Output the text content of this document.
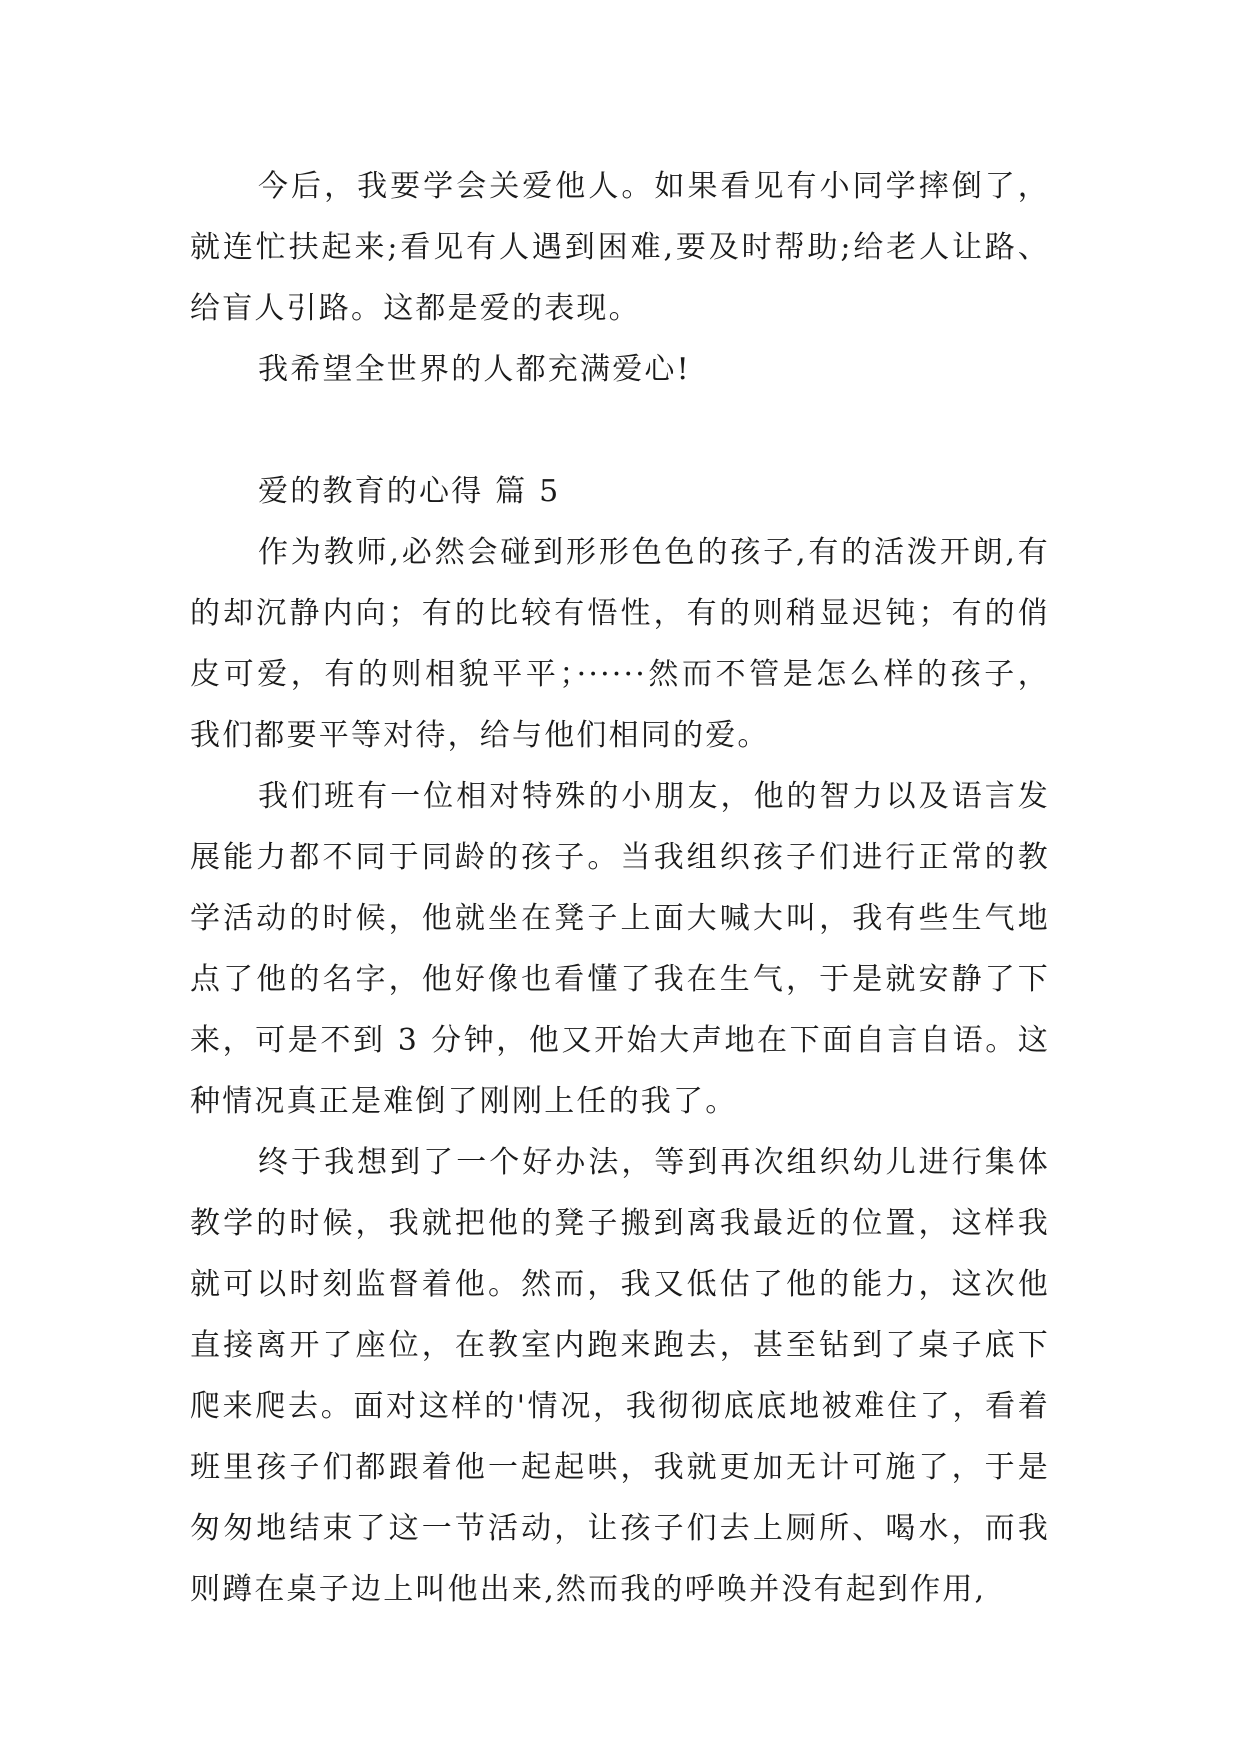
今后，我要学会关爱他人。如果看见有小同学摔倒了，就连忙扶起来;看见有人遇到困难,要及时帮助;给老人让路、给盲人引路。这都是爱的表现。

我希望全世界的人都充满爱心!

爱的教育的心得 篇 5

作为教师,必然会碰到形形色色的孩子,有的活泼开朗,有的却沉静内向；有的比较有悟性，有的则稍显迟钝；有的俏皮可爱，有的则相貌平平；······然而不管是怎么样的孩子，我们都要平等对待，给与他们相同的爱。

我们班有一位相对特殊的小朋友，他的智力以及语言发展能力都不同于同龄的孩子。当我组织孩子们进行正常的教学活动的时候，他就坐在凳子上面大喊大叫，我有些生气地点了他的名字，他好像也看懂了我在生气，于是就安静了下来，可是不到 3 分钟，他又开始大声地在下面自言自语。这种情况真正是难倒了刚刚上任的我了。

终于我想到了一个好办法，等到再次组织幼儿进行集体教学的时候，我就把他的凳子搬到离我最近的位置，这样我就可以时刻监督着他。然而，我又低估了他的能力，这次他直接离开了座位，在教室内跑来跑去，甚至钻到了桌子底下爬来爬去。面对这样的'情况，我彻彻底底地被难住了，看着班里孩子们都跟着他一起起哄，我就更加无计可施了，于是匆匆地结束了这一节活动，让孩子们去上厕所、喝水，而我则蹲在桌子边上叫他出来,然而我的呼唤并没有起到作用,
